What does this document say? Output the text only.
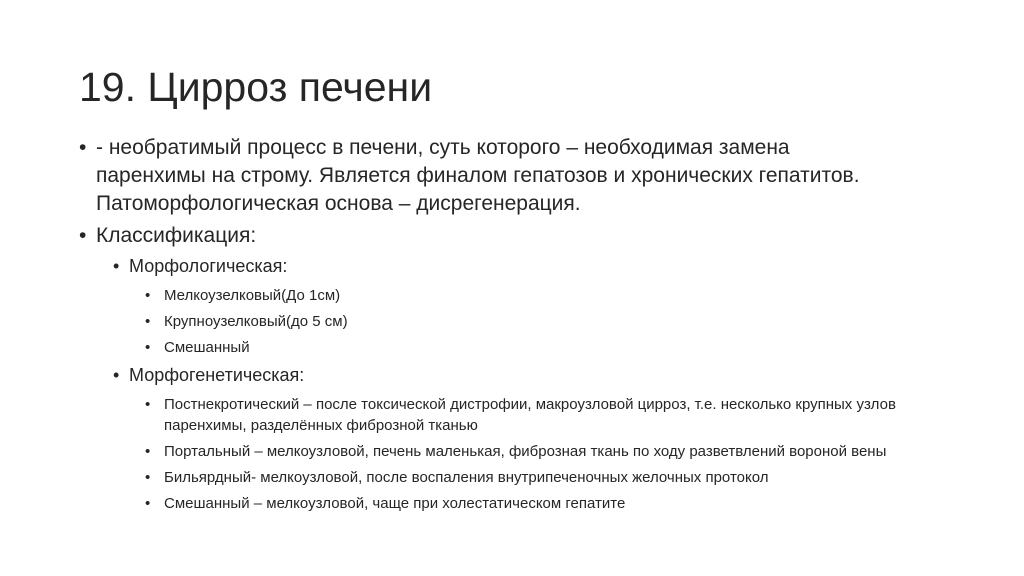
19. Цирроз печени
• - необратимый процесс в печени, суть которого – необходимая замена паренхимы на строму. Является финалом гепатозов и хронических гепатитов. Патоморфологическая основа – дисрегенерация.
• Классификация:
• Морфологическая:
• Мелкоузелковый(До 1см)
• Крупноузелковый(до 5 см)
• Смешанный
• Морфогенетическая:
• Постнекротический – после токсической дистрофии, макроузловой цирроз, т.е. несколько крупных узлов паренхимы, разделённых фиброзной тканью
• Портальный – мелкоузловой, печень маленькая, фиброзная ткань по ходу разветвлений вороной вены
• Бильярдный- мелкоузловой, после воспаления внутрипеченочных желочных протокол
• Смешанный – мелкоузловой, чаще при холестатическом гепатите
